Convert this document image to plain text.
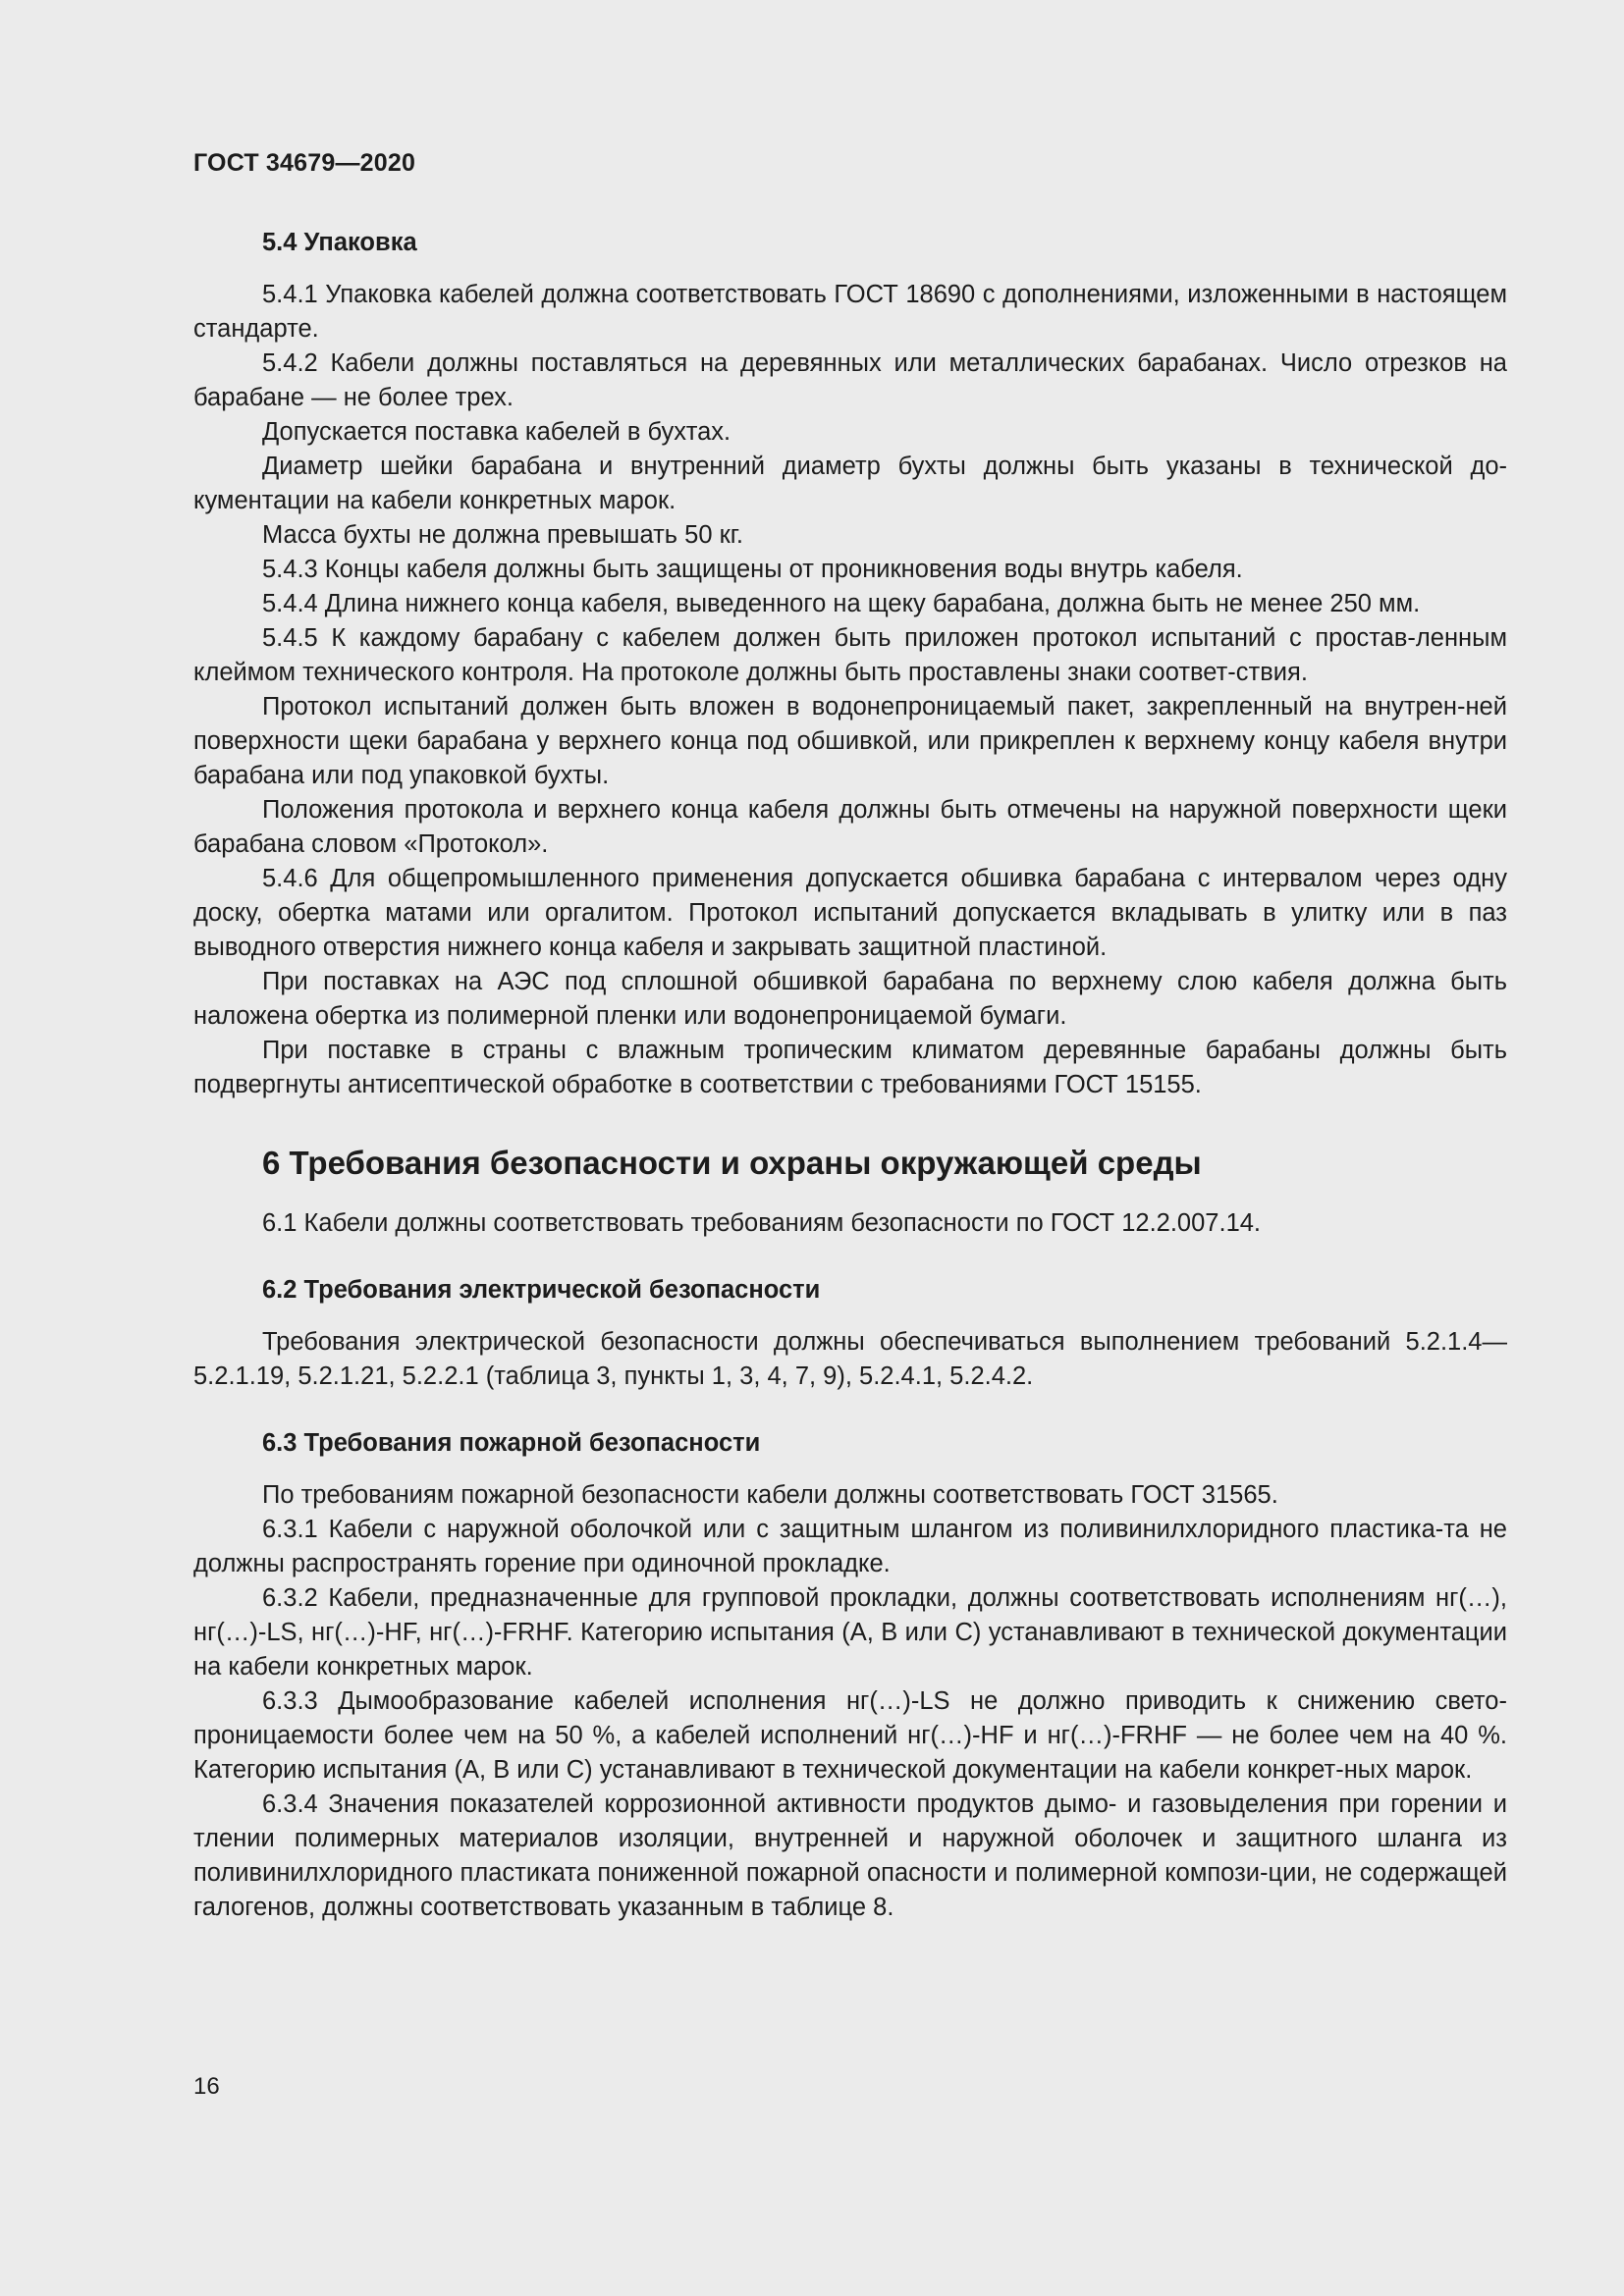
ГОСТ 34679—2020
5.4 Упаковка

5.4.1 Упаковка кабелей должна соответствовать ГОСТ 18690 с дополнениями, изложенными в настоящем стандарте.

5.4.2 Кабели должны поставляться на деревянных или металлических барабанах. Число отрезков на барабане — не более трех.

Допускается поставка кабелей в бухтах.

Диаметр шейки барабана и внутренний диаметр бухты должны быть указаны в технической до-кументации на кабели конкретных марок.

Масса бухты не должна превышать 50 кг.

5.4.3 Концы кабеля должны быть защищены от проникновения воды внутрь кабеля.

5.4.4 Длина нижнего конца кабеля, выведенного на щеку барабана, должна быть не менее 250 мм.

5.4.5 К каждому барабану с кабелем должен быть приложен протокол испытаний с простав-ленным клеймом технического контроля. На протоколе должны быть проставлены знаки соответ-ствия.

Протокол испытаний должен быть вложен в водонепроницаемый пакет, закрепленный на внутрен-ней поверхности щеки барабана у верхнего конца под обшивкой, или прикреплен к верхнему концу кабеля внутри барабана или под упаковкой бухты.

Положения протокола и верхнего конца кабеля должны быть отмечены на наружной поверхности щеки барабана словом «Протокол».

5.4.6 Для общепромышленного применения допускается обшивка барабана с интервалом через одну доску, обертка матами или оргалитом. Протокол испытаний допускается вкладывать в улитку или в паз выводного отверстия нижнего конца кабеля и закрывать защитной пластиной.

При поставках на АЭС под сплошной обшивкой барабана по верхнему слою кабеля должна быть наложена обертка из полимерной пленки или водонепроницаемой бумаги.

При поставке в страны с влажным тропическим климатом деревянные барабаны должны быть подвергнуты антисептической обработке в соответствии с требованиями ГОСТ 15155.

6 Требования безопасности и охраны окружающей среды

6.1 Кабели должны соответствовать требованиям безопасности по ГОСТ 12.2.007.14.

6.2 Требования электрической безопасности

Требования электрической безопасности должны обеспечиваться выполнением требований 5.2.1.4—5.2.1.19, 5.2.1.21, 5.2.2.1 (таблица 3, пункты 1, 3, 4, 7, 9), 5.2.4.1, 5.2.4.2.

6.3 Требования пожарной безопасности

По требованиям пожарной безопасности кабели должны соответствовать ГОСТ 31565.

6.3.1 Кабели с наружной оболочкой или с защитным шлангом из поливинилхлоридного пластика-та не должны распространять горение при одиночной прокладке.

6.3.2 Кабели, предназначенные для групповой прокладки, должны соответствовать исполнениям нг(…), нг(…)-LS, нг(…)-HF, нг(…)-FRHF. Категорию испытания (А, В или С) устанавливают в технической документации на кабели конкретных марок.

6.3.3 Дымообразование кабелей исполнения нг(…)-LS не должно приводить к снижению свето-проницаемости более чем на 50 %, а кабелей исполнений нг(…)-HF и нг(…)-FRHF — не более чем на 40 %. Категорию испытания (А, В или С) устанавливают в технической документации на кабели конкрет-ных марок.

6.3.4 Значения показателей коррозионной активности продуктов дымо- и газовыделения при горении и тлении полимерных материалов изоляции, внутренней и наружной оболочек и защитного шланга из поливинилхлоридного пластиката пониженной пожарной опасности и полимерной компози-ции, не содержащей галогенов, должны соответствовать указанным в таблице 8.

16
